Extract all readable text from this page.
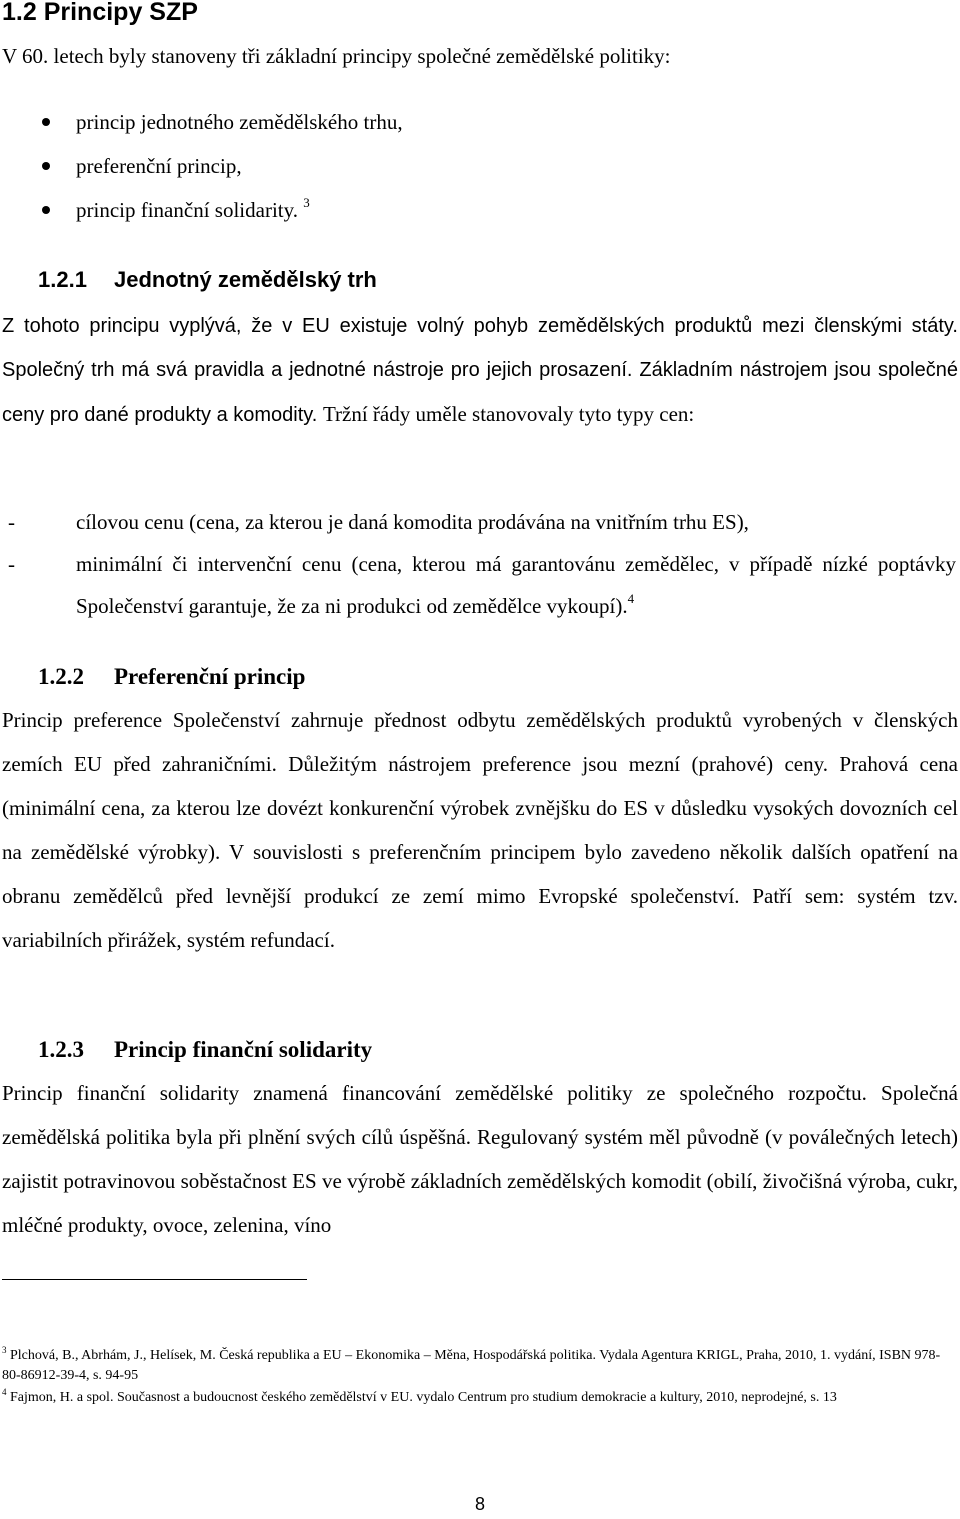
1.2 Principy SZP
V 60. letech byly stanoveny tři základní principy společné zemědělské politiky:
princip jednotného zemědělského trhu,
preferenční princip,
princip finanční solidarity. $^3$
1.2.1 Jednotný zemědělský trh
Z tohoto principu vyplývá, že v EU existuje volný pohyb zemědělských produktů mezi členskými státy. Společný trh má svá pravidla a jednotné nástroje pro jejich prosazení. Základním nástrojem jsou společné ceny pro dané produkty a komodity. Tržní řády uměle stanovovaly tyto typy cen:
-	cílovou cenu (cena, za kterou je daná komodita prodávána na vnitřním trhu ES),
-	minimální či intervenční cenu (cena, kterou má garantovánu zemědělec, v případě nízké poptávky Společenství garantuje, že za ni produkci od zemědělce vykoupí).$^4$
1.2.2 Preferenční princip
Princip preference Společenství zahrnuje přednost odbytu zemědělských produktů vyrobených v členských zemích EU před zahraničními. Důležitým nástrojem preference jsou mezní (prahové) ceny. Prahová cena (minimální cena, za kterou lze dovézt konkurenční výrobek zvnějšku do ES v důsledku vysokých dovozních cel na zemědělské výrobky). V souvislosti s preferenčním principem bylo zavedeno několik dalších opatření na obranu zemědělců před levnější produkcí ze zemí mimo Evropské společenství. Patří sem: systém tzv. variabilních přirážek, systém refundací.
1.2.3 Princip finanční solidarity
Princip finanční solidarity znamená financování zemědělské politiky ze společného rozpočtu. Společná zemědělská politika byla při plnění svých cílů úspěšná. Regulovaný systém měl původně (v poválečných letech) zajistit potravinovou soběstačnost ES ve výrobě základních zemědělských komodit (obilí, živočišná výroba, cukr, mléčné produkty, ovoce, zelenina, víno

$^3$ Plchová, B., Abrhám, J., Helísek, M. Česká republika a EU – Ekonomika – Měna, Hospodářská politika. Vydala Agentura KRIGL, Praha, 2010, 1. vydání, ISBN 978-80-86912-39-4, s. 94-95

$^4$ Fajmon, H. a spol. Současnost a budoucnost českého zemědělství v EU. vydalo Centrum pro studium demokracie a kultury, 2010, neprodejné, s. 13

8
